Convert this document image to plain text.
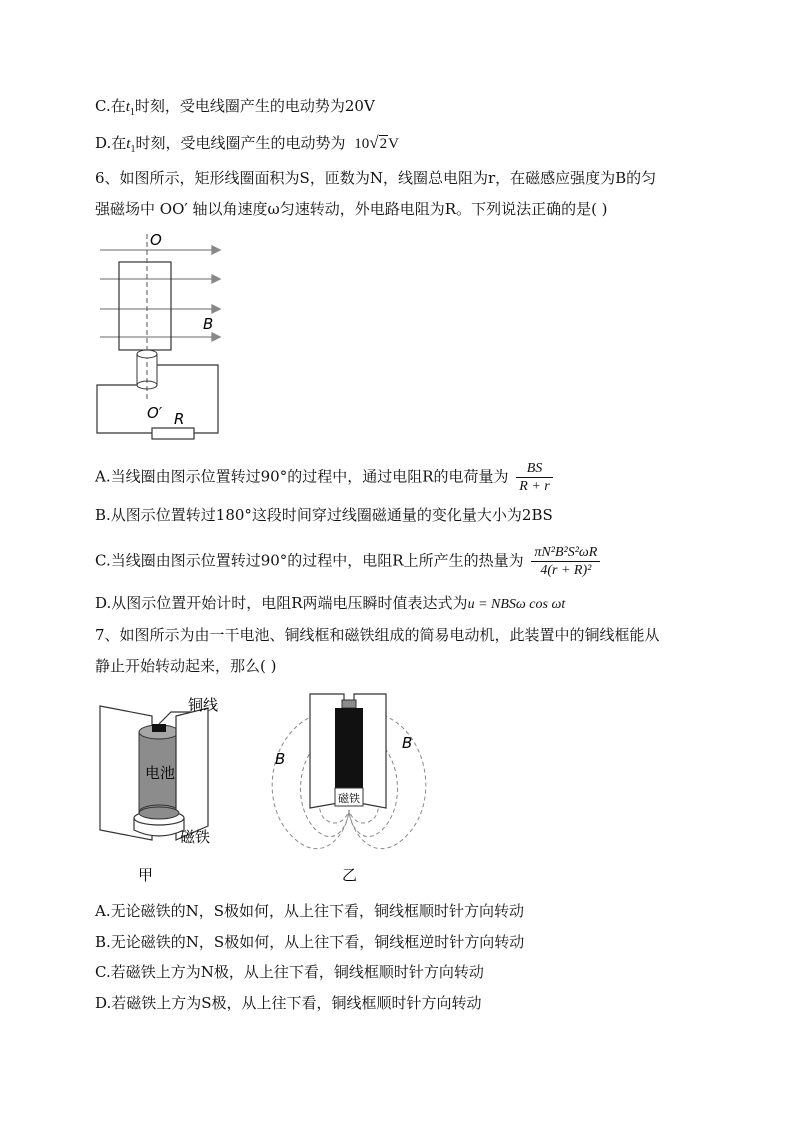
C.在$t_1$时刻，受电线圈产生的电动势为20V
D.在$t_1$时刻，受电线圈产生的电动势为 10√2V
6、如图所示，矩形线圈面积为S，匝数为N，线圈总电阻为r，在磁感应强度为B的匀
强磁场中 OO′ 轴以角速度ω匀速转动，外电路电阻为R。下列说法正确的是( )
O
B
O′ R
A.当线圈由图示位置转过90°的过程中，通过电阻R的电荷量为 $\frac{BS}{R + r}$
B.从图示位置转过180°这段时间穿过线圈磁通量的变化量大小为2BS
C.当线圈由图示位置转过90°的过程中，电阻R上所产生的热量为 $\frac{\text{πN²B²S²ωR}}{\text{4(r + R)²}}$
D.从图示位置开始计时，电阻R两端电压瞬时值表达式为u = NBSω cos ωt
7、如图所示为由一干电池、铜线框和磁铁组成的简易电动机，此装置中的铜线框能从
静止开始转动起来，那么( )
铜线
电池
磁铁
甲
磁铁
B
B
乙
A.无论磁铁的N，S极如何，从上往下看，铜线框顺时针方向转动
B.无论磁铁的N，S极如何，从上往下看，铜线框逆时针方向转动
C.若磁铁上方为N极，从上往下看，铜线框顺时针方向转动
D.若磁铁上方为S极，从上往下看，铜线框顺时针方向转动
